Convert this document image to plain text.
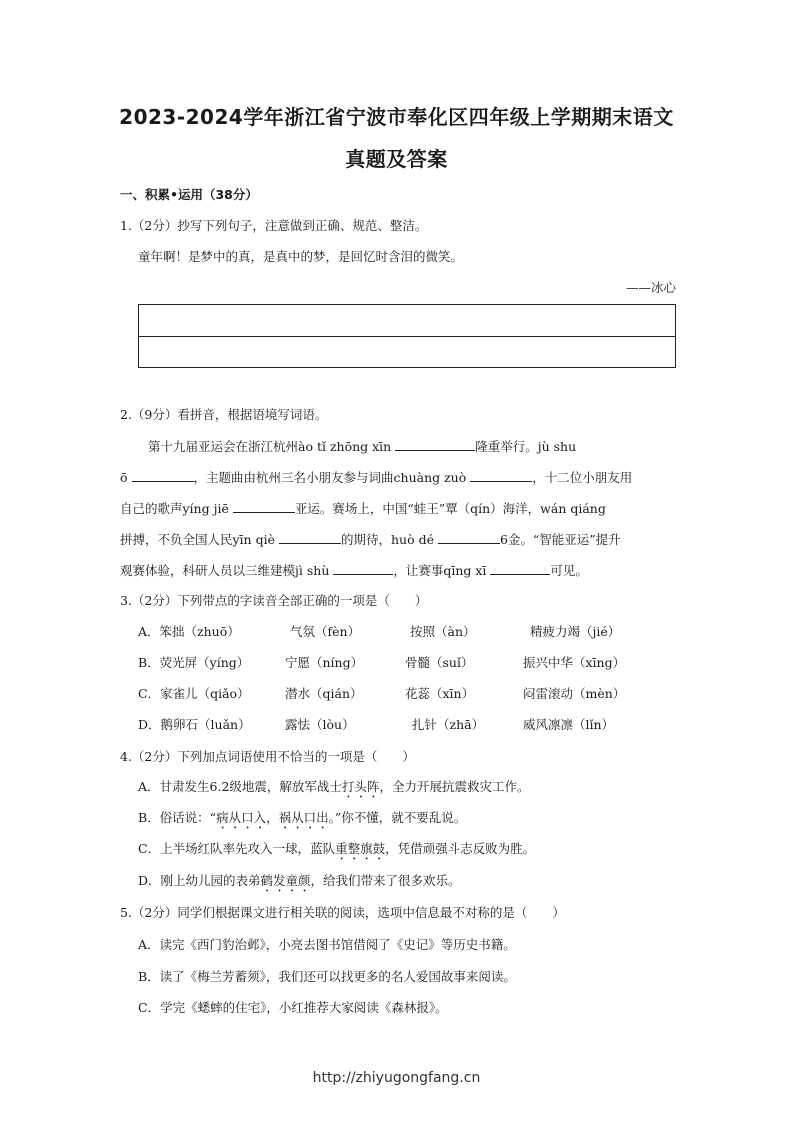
2023-2024学年浙江省宁波市奉化区四年级上学期期末语文
真题及答案
一、积累•运用（38分）
1.（2分）抄写下列句子，注意做到正确、规范、整洁。
童年啊！是梦中的真，是真中的梦，是回忆时含泪的微笑。
——冰心
2.（9分）看拼音，根据语境写词语。
第十九届亚运会在浙江杭州ào tǐ zhōng xīn	隆重举行。jù shu
ō	，主题曲由杭州三名小朋友参与词曲chuàng zuò	，十二位小朋友用
自己的歌声yíng jiē	亚运。赛场上，中国“蛙王”覃（qín）海洋，wán qiáng
拼搏，不负全国人民yīn qiè	的期待，huò dé	6金。“智能亚运”提升
观赛体验，科研人员以三维建模jì shù	，让赛事qīng xī	可见。
3.（2分）下列带点的字读音全部正确的一项是（　　）
A．笨拙（zhuō）	气氛（fèn）	按照（àn）	精疲力竭（jié）
B．荧光屏（yíng）	宁愿（níng）	骨髓（suǐ）	振兴中华（xīng）
C．家雀儿（qiǎo）	潜水（qián）	花蕊（xīn）	闷雷滚动（mèn）
D．鹅卵石（luǎn）	露怯（lòu）	扎针（zhā）	威风凛凛（lǐn）
4.（2分）下列加点词语使用不恰当的一项是（　　）
A．甘肃发生6.2级地震，解放军战士打头阵，全力开展抗震救灾工作。
B．俗话说：“病从口入，祸从口出。”你不懂，就不要乱说。
C．上半场红队率先攻入一球，蓝队重整旗鼓，凭借顽强斗志反败为胜。
D．刚上幼儿园的表弟鹤发童颜，给我们带来了很多欢乐。
5.（2分）同学们根据课文进行相关联的阅读，选项中信息最不对称的是（　　）
A．读完《西门豹治邺》，小亮去图书馆借阅了《史记》等历史书籍。
B．读了《梅兰芳蓄须》，我们还可以找更多的名人爱国故事来阅读。
C．学完《蟋蟀的住宅》，小红推荐大家阅读《森林报》。
http://zhiyugongfang.cn
